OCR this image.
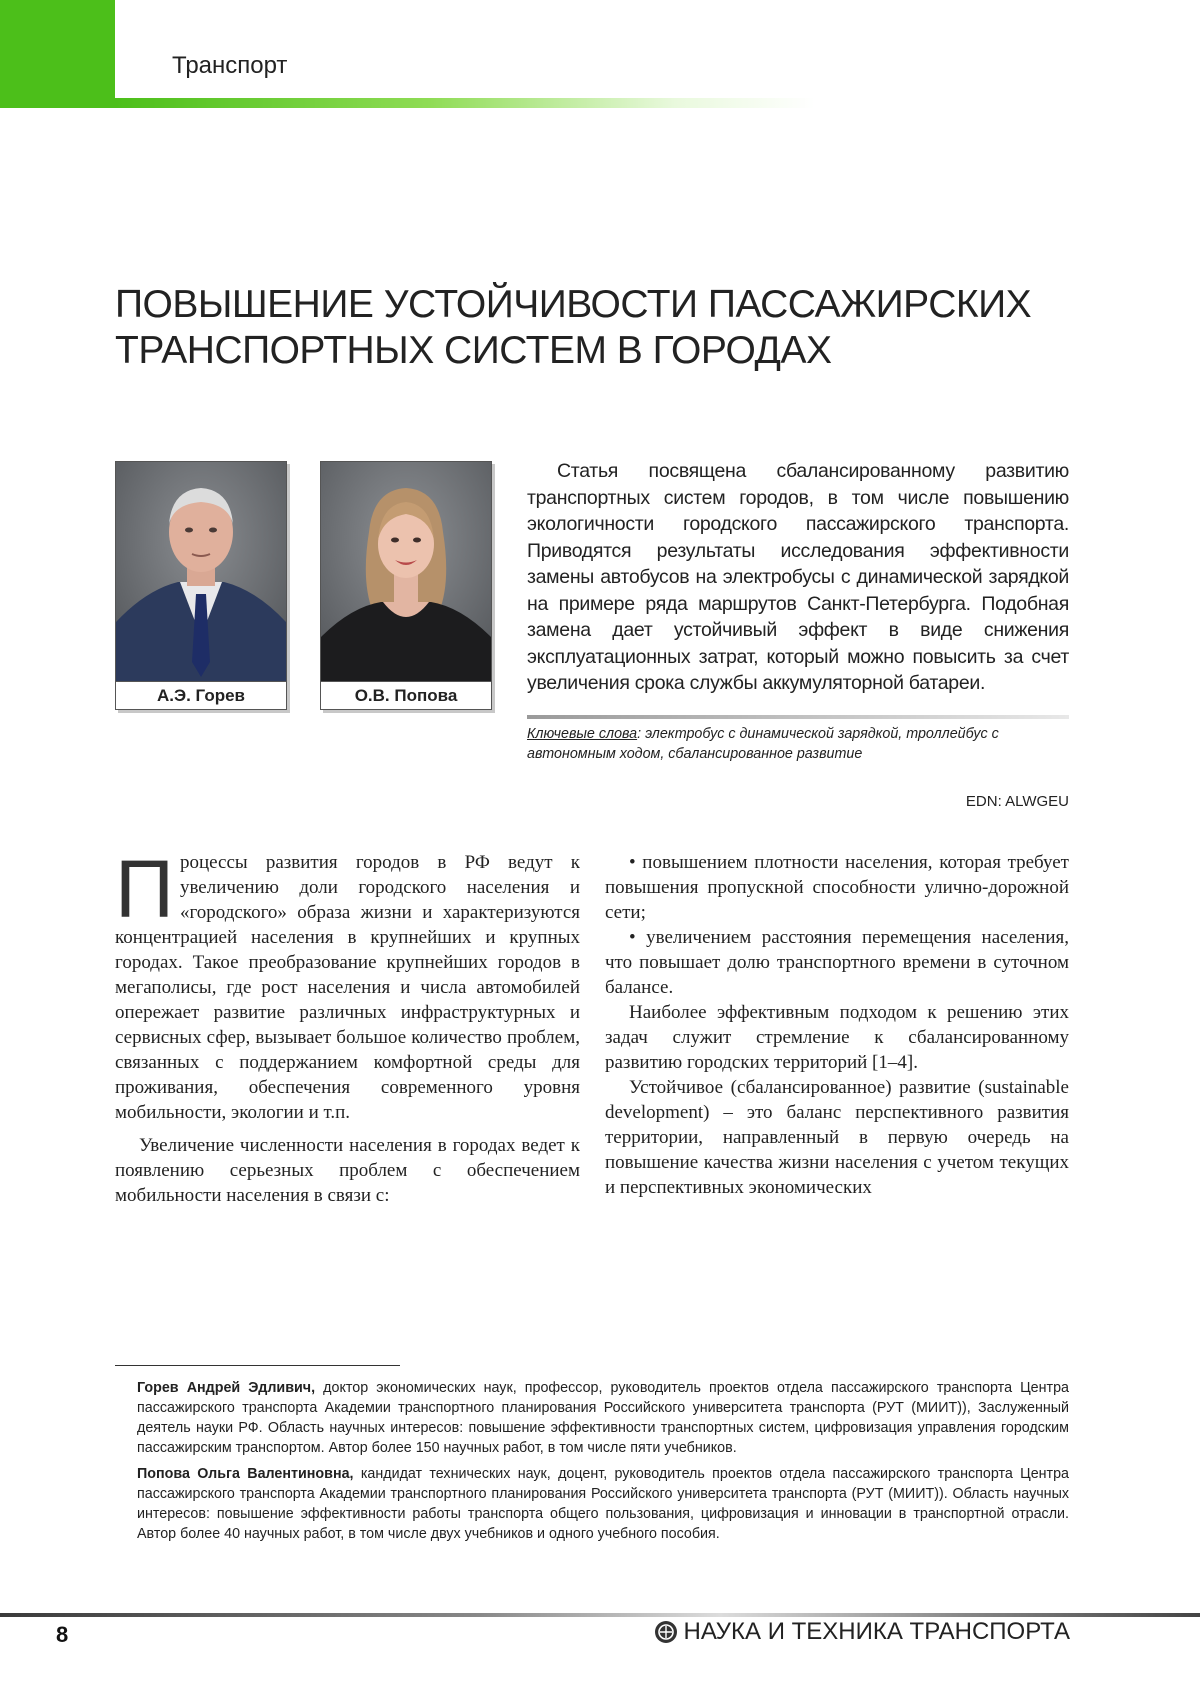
Транспорт
ПОВЫШЕНИЕ УСТОЙЧИВОСТИ ПАССАЖИРСКИХ ТРАНСПОРТНЫХ СИСТЕМ В ГОРОДАХ
А.Э. Горев	О.В. Попова

Статья посвящена сбалансированному развитию транспортных систем городов, в том числе повышению экологичности городского пассажирского транспорта. Приводятся результаты исследования эффективности замены автобусов на электробусы с динамической зарядкой на примере ряда маршрутов Санкт-Петербурга. Подобная замена дает устойчивый эффект в виде снижения эксплуатационных затрат, который можно повысить за счет увеличения срока службы аккумуляторной батареи.

Ключевые слова: электробус с динамической зарядкой, троллейбус с автономным ходом, сбалансированное развитие

EDN: ALWGEU

Процессы развития городов в РФ ведут к увеличению доли городского населения и «городского» образа жизни и характеризуются концентрацией населения в крупнейших и крупных городах. Такое преобразование крупнейших городов в мегаполисы, где рост населения и числа автомобилей опережает развитие различных инфраструктурных и сервисных сфер, вызывает большое количество проблем, связанных с поддержанием комфортной среды для проживания, обеспечения современного уровня мобильности, экологии и т.п.

Увеличение численности населения в городах ведет к появлению серьезных проблем с обеспечением мобильности населения в связи с:

• повышением плотности населения, которая требует повышения пропускной способности улично-дорожной сети;

• увеличением расстояния перемещения населения, что повышает долю транспортного времени в суточном балансе.

Наиболее эффективным подходом к решению этих задач служит стремление к сбалансированному развитию городских территорий [1–4].

Устойчивое (сбалансированное) развитие (sustainable development) – это баланс перспективного развития территории, направленный в первую очередь на повышение качества жизни населения с учетом текущих и перспективных экономических

Горев Андрей Эдливич, доктор экономических наук, профессор, руководитель проектов отдела пассажирского транспорта Центра пассажирского транспорта Академии транспортного планирования Российского университета транспорта (РУТ (МИИТ)), Заслуженный деятель науки РФ. Область научных интересов: повышение эффективности транспортных систем, цифровизация управления городским пассажирским транспортом. Автор более 150 научных работ, в том числе пяти учебников.

Попова Ольга Валентиновна, кандидат технических наук, доцент, руководитель проектов отдела пассажирского транспорта Центра пассажирского транспорта Академии транспортного планирования Российского университета транспорта (РУТ (МИИТ)). Область научных интересов: повышение эффективности работы транспорта общего пользования, цифровизация и инновации в транспортной отрасли. Автор более 40 научных работ, в том числе двух учебников и одного учебного пособия.

8	НАУКА И ТЕХНИКА ТРАНСПОРТА
